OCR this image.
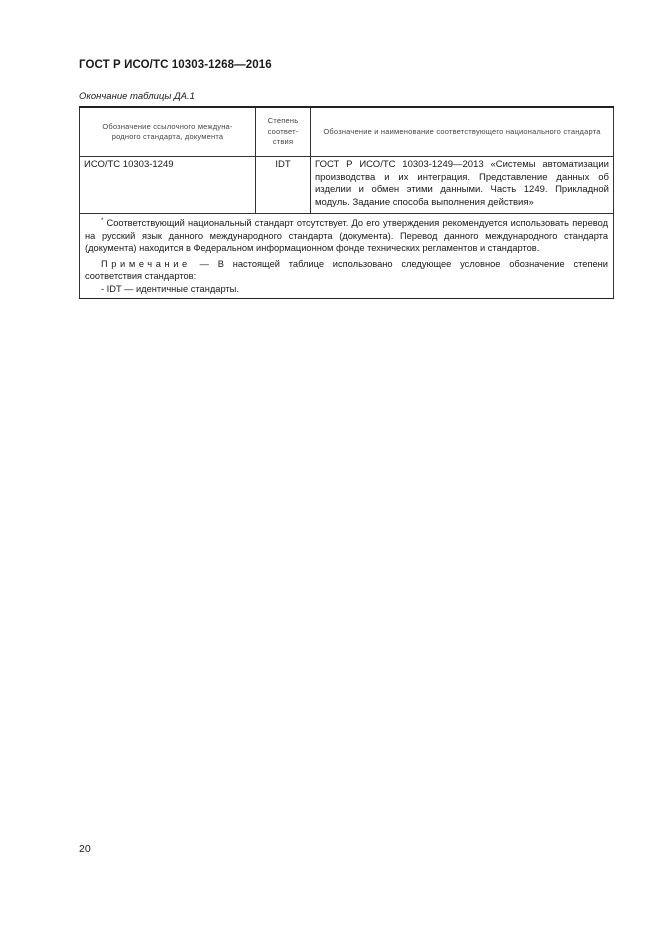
ГОСТ Р ИСО/ТС 10303-1268—2016
Окончание таблицы ДА.1
Обозначение ссылочного междуна-родного стандарта, документа	Степень соответ-ствия	Обозначение и наименование соответствующего национального стандарта
ИСО/ТС 10303-1249	IDT	ГОСТ Р ИСО/ТС 10303-1249—2013 «Системы автоматизации производства и их интеграция. Представление данных об изделии и обмен этими данными. Часть 1249. Прикладной модуль. Задание способа выполнения действия»

* Соответствующий национальный стандарт отсутствует. До его утверждения рекомендуется использовать перевод на русский язык данного международного стандарта (документа). Перевод данного международного стандарта (документа) находится в Федеральном информационном фонде технических регламентов и стандартов.

Примечание — В настоящей таблице использовано следующее условное обозначение степени соответствия стандартов:

- IDT — идентичные стандарты.		

20
